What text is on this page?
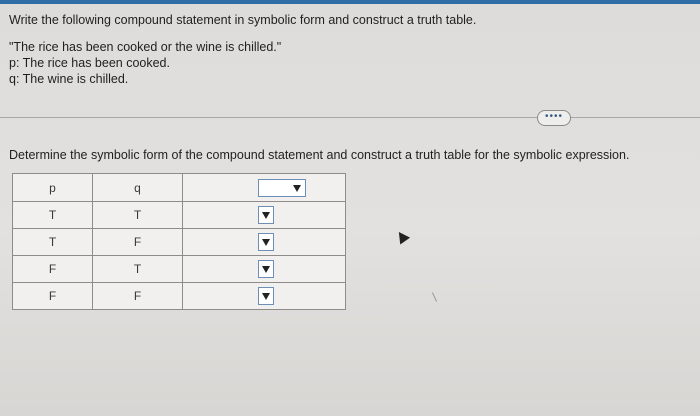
Write the following compound statement in symbolic form and construct a truth table.
"The rice has been cooked or the wine is chilled."
p: The rice has been cooked.
q: The wine is chilled.
••••
Determine the symbolic form of the compound statement and construct a truth table for the symbolic expression.
p	q	

T	T	

T	F	

F	T	

F	F	
